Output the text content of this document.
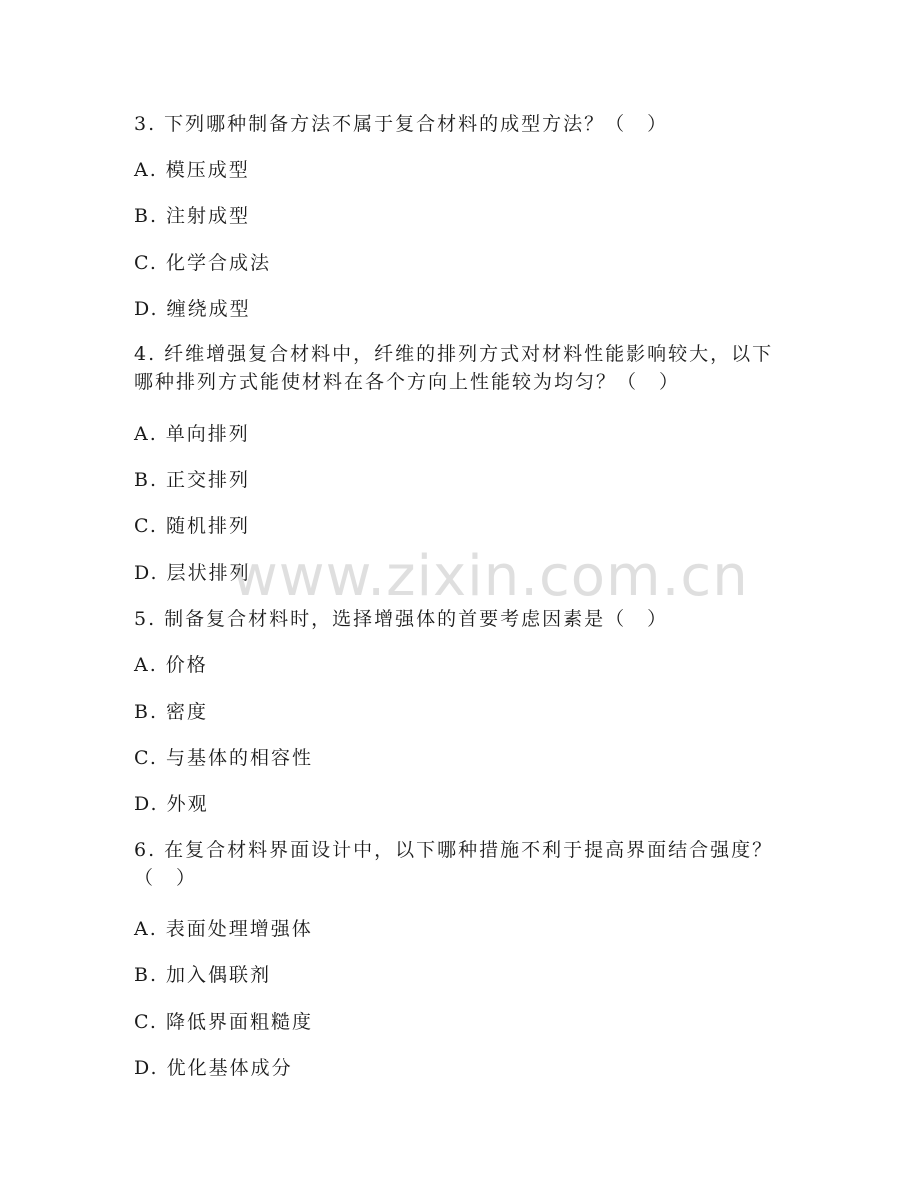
3. 下列哪种制备方法不属于复合材料的成型方法？（　）
A. 模压成型
B. 注射成型
C. 化学合成法
D. 缠绕成型
4. 纤维增强复合材料中，纤维的排列方式对材料性能影响较大，以下哪种排列方式能使材料在各个方向上性能较为均匀？（　）
A. 单向排列
B. 正交排列
C. 随机排列
D. 层状排列
5. 制备复合材料时，选择增强体的首要考虑因素是（　）
A. 价格
B. 密度
C. 与基体的相容性
D. 外观
6. 在复合材料界面设计中，以下哪种措施不利于提高界面结合强度？（　）
A. 表面处理增强体
B. 加入偶联剂
C. 降低界面粗糙度
D. 优化基体成分
www.zixin.com.cn
